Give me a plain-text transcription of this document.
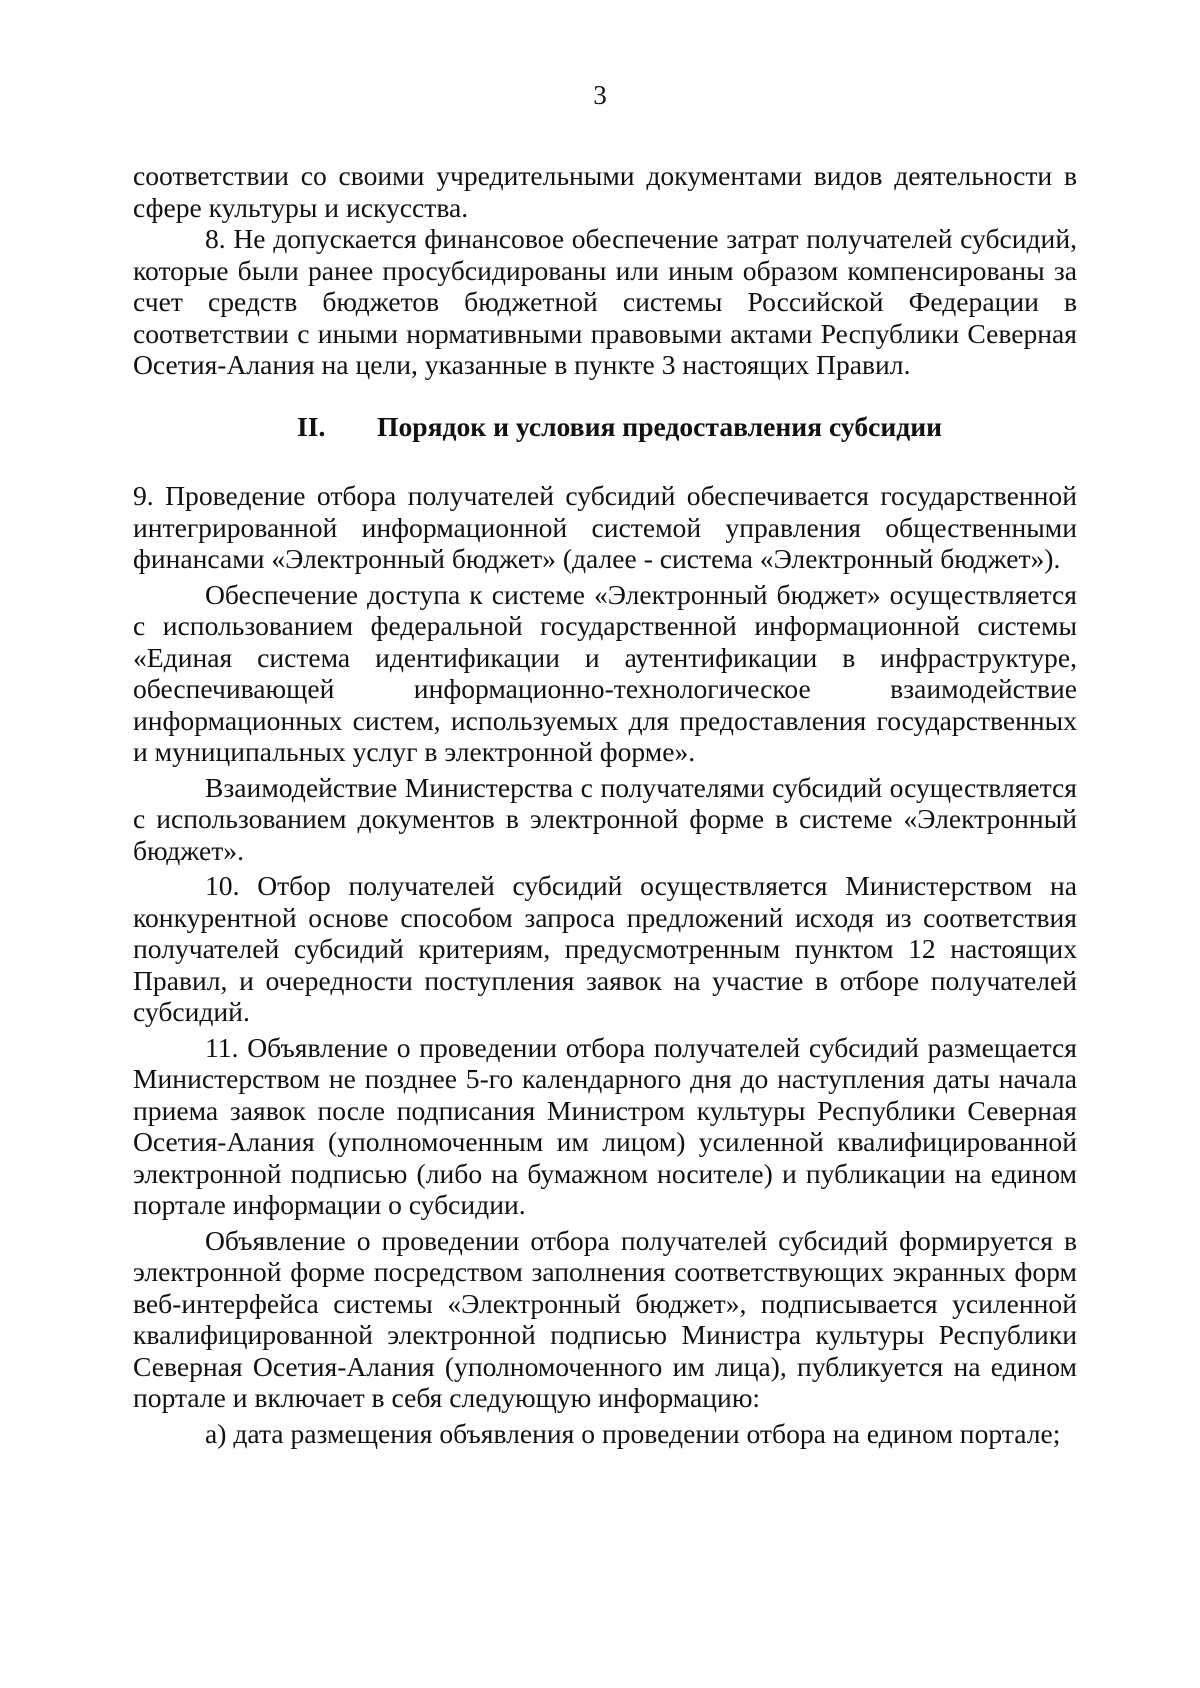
3

соответствии со своими учредительными документами видов деятельности в сфере культуры и искусства.

8. Не допускается финансовое обеспечение затрат получателей субсидий, которые были ранее просубсидированы или иным образом компенсированы за счет средств бюджетов бюджетной системы Российской Федерации в соответствии с иными нормативными правовыми актами Республики Северная Осетия-Алания на цели, указанные в пункте 3 настоящих Правил.

II. Порядок и условия предоставления субсидии

9. Проведение отбора получателей субсидий обеспечивается государственной интегрированной информационной системой управления общественными финансами «Электронный бюджет» (далее - система «Электронный бюджет»).

Обеспечение доступа к системе «Электронный бюджет» осуществляется с использованием федеральной государственной информационной системы «Единая система идентификации и аутентификации в инфраструктуре, обеспечивающей информационно-технологическое взаимодействие информационных систем, используемых для предоставления государственных и муниципальных услуг в электронной форме».

Взаимодействие Министерства с получателями субсидий осуществляется с использованием документов в электронной форме в системе «Электронный бюджет».

10. Отбор получателей субсидий осуществляется Министерством на конкурентной основе способом запроса предложений исходя из соответствия получателей субсидий критериям, предусмотренным пунктом 12 настоящих Правил, и очередности поступления заявок на участие в отборе получателей субсидий.

11. Объявление о проведении отбора получателей субсидий размещается Министерством не позднее 5-го календарного дня до наступления даты начала приема заявок после подписания Министром культуры Республики Северная Осетия-Алания (уполномоченным им лицом) усиленной квалифицированной электронной подписью (либо на бумажном носителе) и публикации на едином портале информации о субсидии.

Объявление о проведении отбора получателей субсидий формируется в электронной форме посредством заполнения соответствующих экранных форм веб-интерфейса системы «Электронный бюджет», подписывается усиленной квалифицированной электронной подписью Министра культуры Республики Северная Осетия-Алания (уполномоченного им лица), публикуется на едином портале и включает в себя следующую информацию:

а) дата размещения объявления о проведении отбора на едином портале;
